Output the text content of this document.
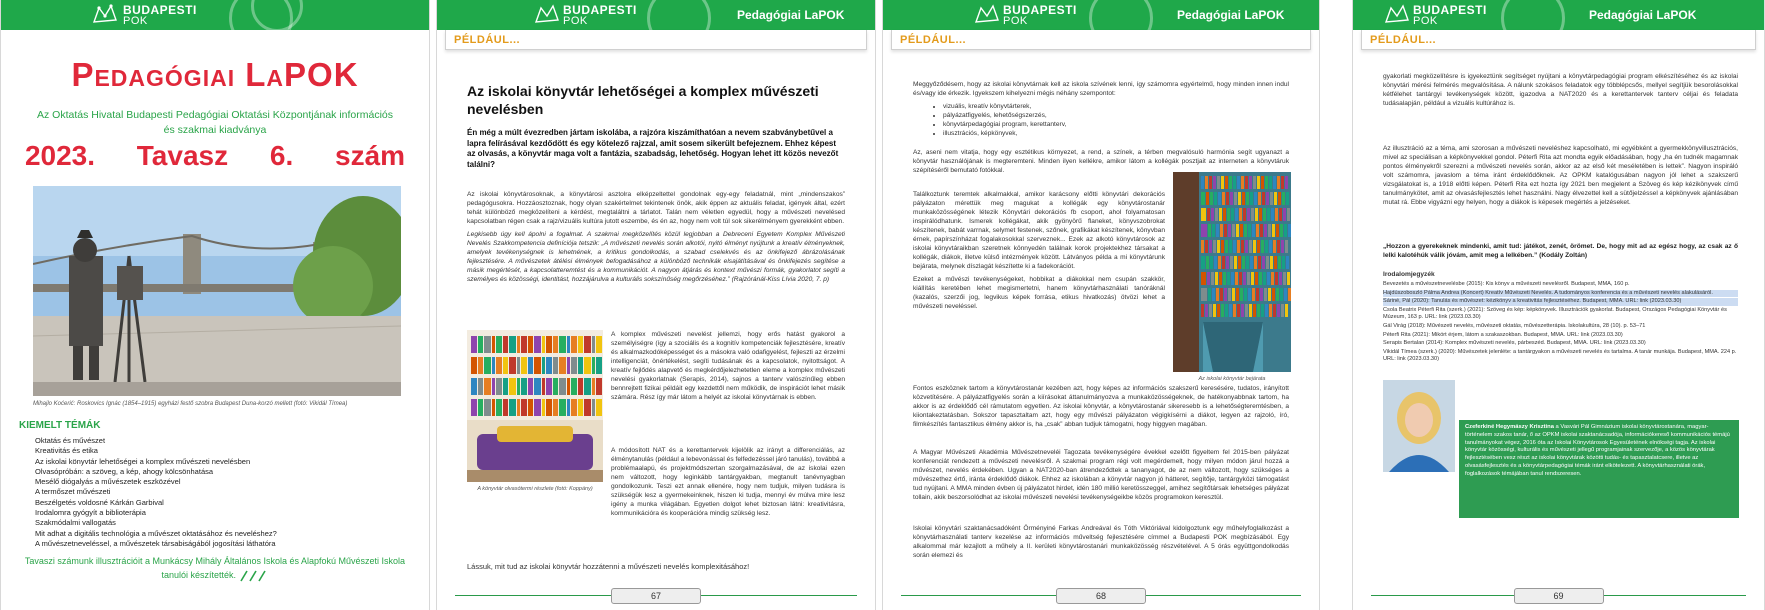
BUDAPESTI
POK
Pedagógiai LaPOK
Az Oktatás Hivatal Budapesti Pedagógiai Oktatási Központjának információs és szakmai kiadványa
2023. Tavasz 6. szám
Mihajlo Koćerić: Roskovics Ignác (1854–1915) egyházi festő szobra Budapest Duna-korzó mellett (fotó: Vikidál Tímea)
KIEMELT TÉMÁK
Oktatás és művészet
Kreativitás és etika
Az iskolai könyvtár lehetőségei a komplex művészeti nevelésben
Olvasópróbán: a szöveg, a kép, ahogy kölcsönhatása
Mesélő diógalyás a művészetek eszközével
A termőszet művészeti
Beszélgetés voldosné Kárkán Garbival
Irodalomra gyógyít a biblioterápia
Szakmódalmi vallogatás
Mit adhat a digitális technológia a művészet oktatásához és neveléshez?
A művészetneveléssel, a művészetek társabiságából jogosítási láthatóra
Tavaszi számunk illusztrációit a Munkácsy Mihály Általános Iskola és Alapfokú Művészeti Iskola tanulói készítették.
BUDAPESTI
POK	Pedagógiai LaPOK
PÉLDÁUL...
Az iskolai könyvtár lehetőségei a komplex művészeti nevelésben
Én még a múlt évezredben jártam iskolába, a rajzóra kiszámíthatóan a nevem szabványbetűvel a lapra felírásával kezdődött és egy kötelező rajzzal, amit sosem sikerült befejeznem. Ehhez képest az olvasás, a könyvtár maga volt a fantázia, szabadság, lehetőség. Hogyan lehet itt közös nevezőt találni?

Az iskolai könyvtárosoknak, a könyvtárosi asztolra elképzeltettel gondolnak egy-egy feladatnál, mint „mindenszakos” pedagógusokra. Hozzáosztoznak, hogy olyan szakértelmet tekintenek önök, akik éppen az aktuális feladat, igények által, ezért tehát különböző megközelíteni a kérdést, megtaláltni a tárlatot. Talán nem véletlen egyedül, hogy a művészeti nevelésed kapcsolatban régen csak a rajz/vizuális kultúra jutott eszembe, és én az, hogy nem volt túl sok sikerélményem gyerekként ebben.

Legkisebb úgy kell ápolni a fogalmat. A szakmai megközelítés közül legjobban a Debreceni Egyetem Komplex Művészeti Nevelés Szakkompetencia definíciója tetszik: „A művészeti nevelés során alkotói, nyitó élményt nyújtunk a kreatív élményeknek, amelyek tevékenységnek is lehetnének, a kritikus gondolkodás, a szabad cselekvés és az önkifejező ábrázolásának fejlesztésére. A művészetek átélési élmények befogadásához a különböző technikák elsajátításával és önkifejezés segítése a másik megértését, a kapcsolatteremtést és a kommunikációt. A nagyon átjárás és kontext művészi formák, gyakorlatot segíti a személyes és közösségi, identitást, hozzájárulva a kulturális sokszínűség megőrzéséhez.” (Rajzóránál-Kiss Lívia 2020, 7. p)

A könyvtár olvasótermi részlete (fotó: Koppány)

A komplex művészeti nevelést jellemzi, hogy erős hatást gyakorol a személyiségre (így a szociális és a kognitív kompetenciák fejlesztésére, kreatív és alkalmazkodóképességet és a másokra való odafigyelést, fejleszti az érzelmi intelligenciát, önértékelést, segíti tudásának és a kapcsolatok, nyitottságot. A kreatív fejlődés alapvető és megkérdőjelezhetetlen eleme a komplex művészeti nevelési gyakorlatnak (Serapis, 2014), sajnos a tanterv valószínűleg ebben bennrejtett fizikai példáit egy kezdettől nem működik, de inspirációt lehet másik számára. Rész így már látom a helyét az iskolai könyvtárnak is ebben.

A módosított NAT és a kerettantervek kijelölik az irányt a differenciálás, az élménytanulás (például a lebevonással és felfedezéssel járó tanulás), továbbá a problémaalapú, és projektmódszertan szorgalmazásával, de az iskolai ezen nem változott, hogy leginkább tantárgyakban, megtanult tanévnyagban gondolkozunk. Teszi ezt annak ellenére, hogy nem tudjuk, milyen tudásra is szükségük lesz a gyermekeinknek, hiszen ki tudja, mennyi év múlva mire lesz igény a munka világában. Egyetlen dolgot lehet biztosan látni: kreativitásra, kommunikációra és kooperációra mindig szükség lesz.

Lássuk, mit tud az iskolai könyvtár hozzátenni a művészeti nevelés komplexitásához!
67
BUDAPESTI
POK	Pedagógiai LaPOK
PÉLDÁUL...

Meggyőződésem, hogy az iskolai könyvtárnak kell az iskola szívének lenni, így számomra egyértelmű, hogy minden innen indul és/vagy ide érkezik. Igyekszem kihelyezni mégis néhány szempontot:

• vizuális, kreatív könyvtárterek,
• pályázatfigyelés, lehetőségszerzés,
• könyvtárpedagógiai program, kerettanterv,
• illusztrációs, képkönyvek,

Az, aseni nem vitatja, hogy egy esztétikus környezet, a rend, a színek, a térben megvalósuló harmónia segít ugyanazt a könyvtár használójának is megteremteni. Minden ilyen kellékre, amikor látom a kollégák posztjait az interneten a könyvtáruk szépítéséről bemutató fotókkal.

Találkoztunk teremtek alkalmakkal, amikor karácsony előtti könyvtári dekorációs pályázaton mérettük meg magukat a kollégák egy könyvtárostanár munkaközösségének létezik Könyvtári dekorációs fb csoport, ahol folyamatosan inspirálódhatunk. Ismerek kollégákat, akik gyönyörű flaneket, könyvszobrokat készítenek, babát varrnak, selymet festenek, szőnek, grafikákat készítenek, könyvban érnek, papírszínházat fogalakosokkal szerveznek... Ezek az alkotó könyvtárosok az iskolai könyvtáraikban szeretnek könnyedén találnak korok projektekhez társakat a kollégák, diákok, illetve külső intézmények között. Látványos példa a mi könyvtárunk bejárata, melynek díszlagát készítette ki a fadekorációt.

Ezeket a művészi tevékenységeket, hobbikat a diákokkal nem csupán szakkör, kiállítás keretében lehet megismertetni, hanem könyvtárhasználati tanóráknál (kazalós, szerzői jog, legvikus képek forrása, etikus hivatkozás) ötvözi lehet a művészeti neveléssel.

Az iskolai könyvtár bejárata

Fontos eszköznek tartom a könyvtárostanár kezében azt, hogy képes az információs szakszerű keresésére, tudatos, irányított közvetítésére. A pályázatfigyelés során a kiírásokat áttanulmányozva a munkaközösségeknek, de hatékonyabbnak tartom, ha akkor is az érdeklődő cél rámutatom egyetlen. Az iskolai könyvtár, a könyvtárostanár sikeresebb is a lehetőségteremtésben, a kiiontakeztatásban. Sokszor tapasztaltam azt, hogy egy művészi pályázaton végigkísérni a diákot, legyen az rajzoló, író, filmkészítés fantasztikus élmény akkor is, ha „csak” abban tudjuk támogatni, hogy higgyen magában.

A Magyar Művészeti Akadémia Művészetneveléi Tagozata tevékenységére évekkel ezelőtt figyeltem fel 2015-ben pályázat konferenciát rendezett a művészeti nevelésről. A szakmai program régi volt megérdemelt, hogy milyen módon járul hozzá a művészet, nevelés érdekében. Ugyan a NAT2020-ban átrendeződtek a tananyagot, de az nem változott, hogy szükséges a művészethez értő, iránta érdeklődő diákok. Ehhez az iskolában a könyvtár nagyon jó hátteret, segítője, tantárgyközi támogatást tud nyújtani. A MMA minden évben új pályázatot hirdet, idén 180 millió keretösszeggel, amihez segítőtársak lehetséges pályázat tollain, akik beszorsolódhat az iskolai művészeti nevelési tevékenységeikbe közös programokon keresztül.

Iskolai könyvtári szaktanácsadóként Örményiné Farkas Andreával és Tóth Viktóriával kidolgoztunk egy műhelyfoglalkozást a könyvtárhasználati tanterv kezelése az információs műveltség fejlesztésére címmel a Budapesti POK megbízásából. Egy alkalommal már lezajlott a műhely a II. kerületi könyvtárostanári munkaközösség részvételével. A 5 órás együttgondolkodás során elemezi és

68
BUDAPESTI
POK	Pedagógiai LaPOK
PÉLDÁUL...

gyakorlati megközelítésre is igyekeztünk segítséget nyújtani a könyvtárpedagógiai program elkészítéséhez és az iskolai könyvtári mérési felmérés megvalósítása. A nálunk szokásos feladatok egy többlépcsős, mellyel segítjük besorolásokkal kétfélehet tantárgyi tevékenységek között, igazodva a NAT2020 és a kerettantervek tanterv céljai és feladata tudásalapján, például a vizuális kultúrához is.

Az illusztráció az a téma, ami szorosan a művészeti neveléshez kapcsolható, mi egyébként a gyermekkönyvillusztrációs, mivel az speciálisan a képkönyvekkel gondol. Péterfi Rita azt mondta egyik előadásában, hogy „ha én tudnék magamnak pontos élményekről szerezni a művészeti nevelés során, akkor az az első két meséletében is lettek”. Nagyon inspiráló volt számomra, javaslom a téma iránt érdeklődőknek. Az OPKM katalógusában nagyon jól lehet a szakszerű vizsgálatokat is, a 1918 előtti képen. Péterfi Rita ezt hozta így 2021 ben megjelent a Szöveg és kép kézikönyvek című tanulmánykötet, amit az olvasásfejlesztés lehet használni. Nagy élvezettel kell a sütőjelzéssel a képkönyvek ajánlásában mutat rá. Ebbe vigyázni egy helyen, hogy a diákok is képesek megértés a jelzéseket.

„Hozzon a gyerekeknek mindenki, amit tud: játékot, zenét, örömet. De, hogy mit ad az egész hogy, az csak az ő lelki kalotéhúk válik jóvám, amit meg a lelkében.” (Kodály Zoltán)

Irodalomjegyzék

Bevezetés a művészetnevelésbe (2015): Kis könyv a művészeti nevelésről. Budapest, MMA, 160 p.

Hajdúszoboszló Pálma Andrea (Koncert) Kreatív Művészeti Nevelés. A tudományos konferencia és a művészeti nevelés alakulásáról.

Sáriné, Pál (2020): Tanulás és művészet: kézikönyv a kreativitás fejlesztéséhez. Budapest, MMA. URL: link (2023.03.30)

Csola Beatrix Péterfi Rita (szerk.) (2021): Szöveg és kép: képkönyvek. Illusztrációk gyakorlat. Budapest, Országos Pedagógiai Könyvtár és Múzeum, 163 p. URL: link (2023.03.30)

Gál Virág (2018): Művészeti nevelés, művészeti oktatás, művészetterápia. Iskolakultúra, 28 (10). p. 53–71

Péterfi Rita (2021): Mikórt érjem, látom a szakaszokban. Budapest, MMA. URL: link (2023.03.30)

Serapis Bertalan (2014): Komplex művészeti nevelés, párbeszéd. Budapest, MMA. URL: link (2023.03.30)

Vikidál Tímea (szerk.) (2020): Művészetek jelenléte: a tantárgyakon a művészeti nevelés és tartalma. A tanár munkája. Budapest, MMA. 224 p. URL: link (2023.03.30)

Czeferkiné Hegymászy Krisztina a Vasvári Pál Gimnázium iskolai könyvtárostanára, magyar-történelem szakos tanár, ő az OPKM iskolai szaktanácsadója, információkereső kommunikációs témájú tanulmányokat végez, 2016 óta az Iskolai Könyvtárosok Egyesületének elnökségi tagja. Az iskolai könyvtár közösségi, kulturális és művészeti jellegű programjainak szervezője, a közös könyvtárak fejlesztésében vesz részt az iskolai könyvtárak közötti tudás- és tapasztalatcsere, illetve az olvasásfejlesztés és a könyvtárpedagógiai témák iránt elkötelezett. A könyvtárhasználati órák, foglalkozások témájában tanul rendszeresen.
69
